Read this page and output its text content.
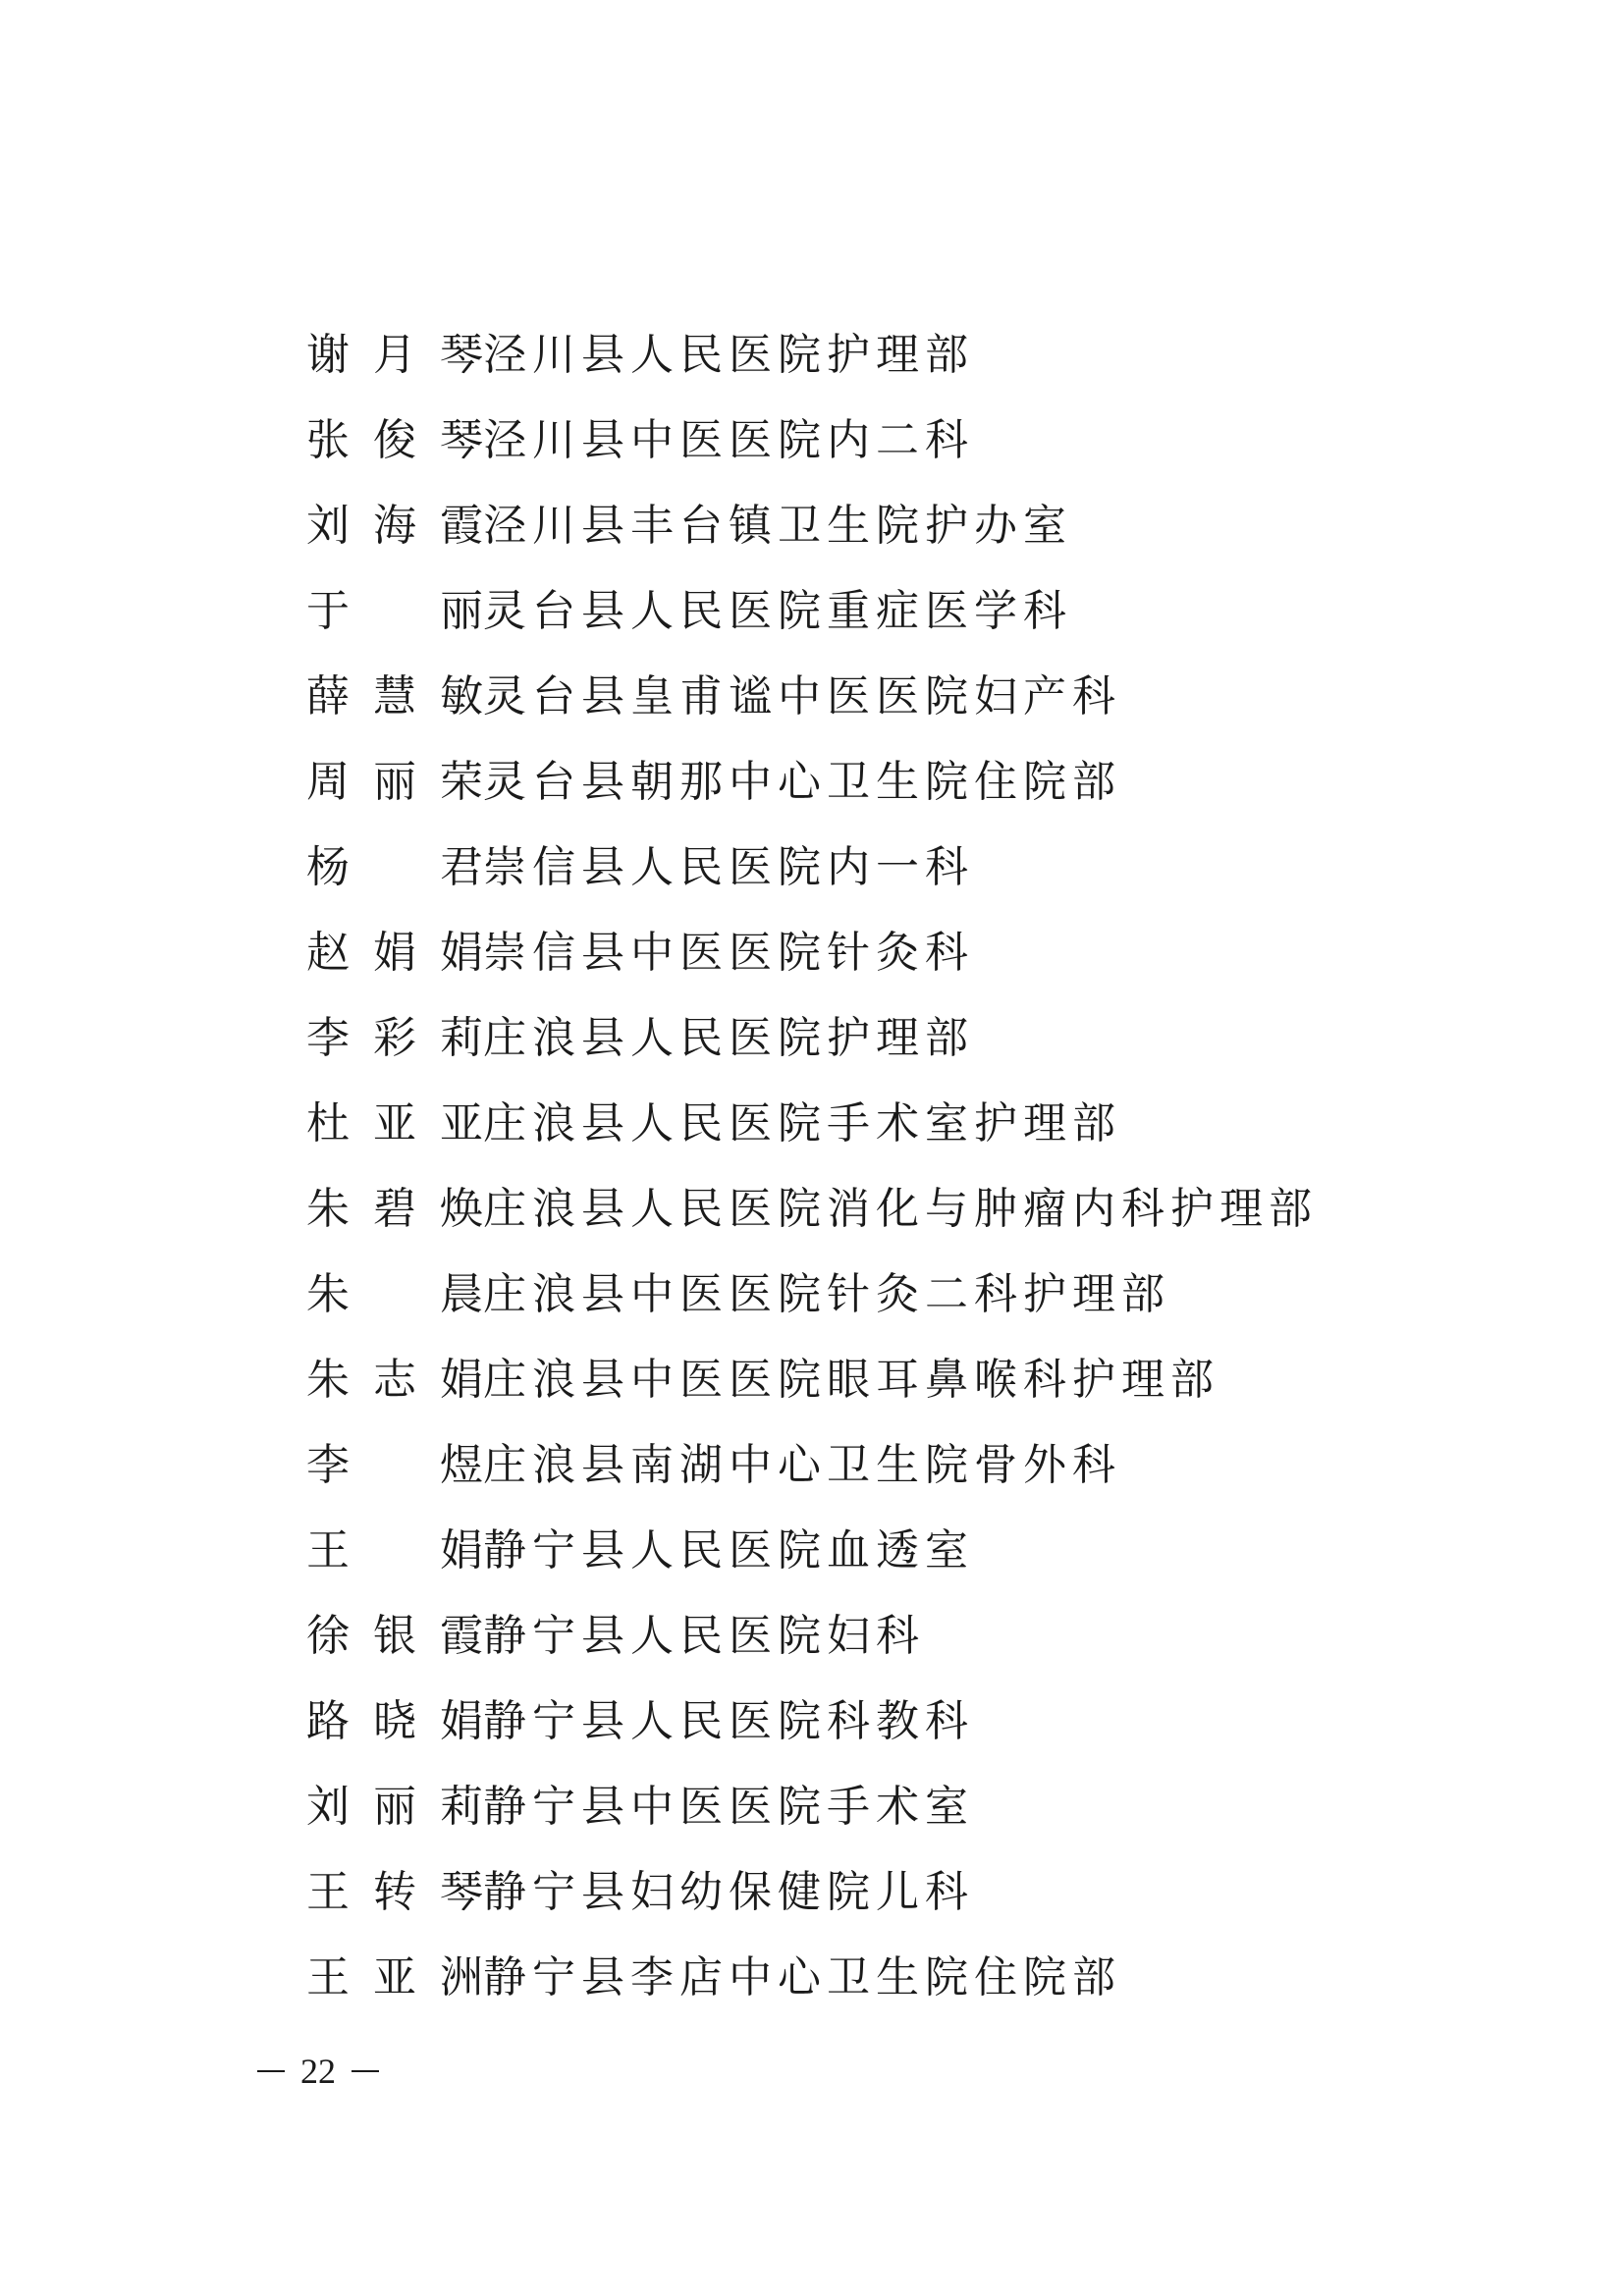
谢月琴 泾川县人民医院护理部
张俊琴 泾川县中医医院内二科
刘海霞 泾川县丰台镇卫生院护办室
于　丽 灵台县人民医院重症医学科
薛慧敏 灵台县皇甫谧中医医院妇产科
周丽荣 灵台县朝那中心卫生院住院部
杨　君 崇信县人民医院内一科
赵娟娟 崇信县中医医院针灸科
李彩莉 庄浪县人民医院护理部
杜亚亚 庄浪县人民医院手术室护理部
朱碧焕 庄浪县人民医院消化与肿瘤内科护理部
朱　晨 庄浪县中医医院针灸二科护理部
朱志娟 庄浪县中医医院眼耳鼻喉科护理部
李　煜 庄浪县南湖中心卫生院骨外科
王　娟 静宁县人民医院血透室
徐银霞 静宁县人民医院妇科
路晓娟 静宁县人民医院科教科
刘丽莉 静宁县中医医院手术室
王转琴 静宁县妇幼保健院儿科
王亚洲 静宁县李店中心卫生院住院部
22
